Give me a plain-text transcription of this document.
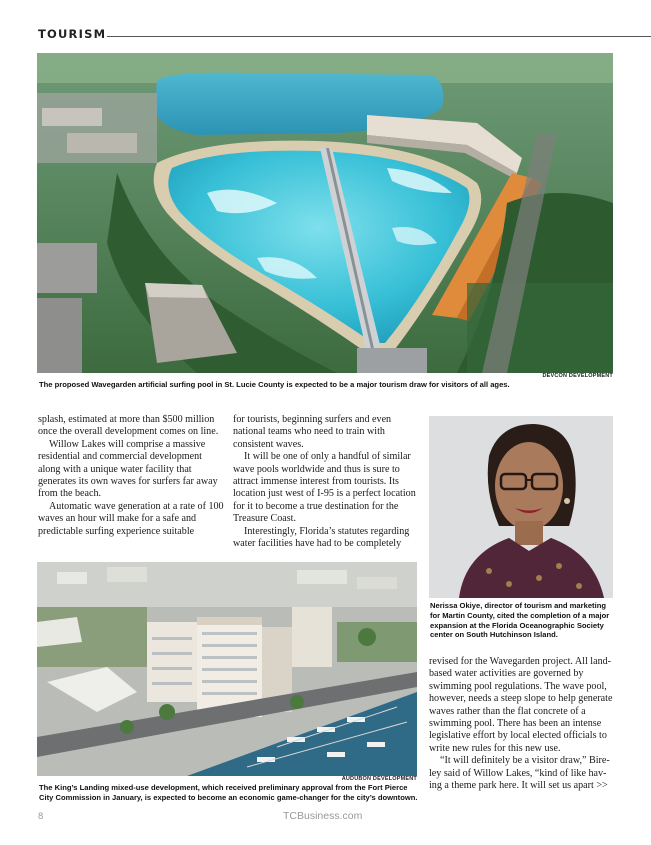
TOURISM
DEVCON DEVELOPMENT
The proposed Wavegarden artificial surfing pool in St. Lucie County is expected to be a major tourism draw for visitors of all ages.

splash, estimated at more than $500 million once the overall development comes on line.

Willow Lakes will comprise a massive residential and commercial development along with a unique water facility that generates its own waves for surfers far away from the beach.

Automatic wave generation at a rate of 100 waves an hour will make for a safe and predictable surfing experience suitable

for tourists, beginning surfers and even national teams who need to train with consistent waves.

It will be one of only a handful of similar wave pools worldwide and thus is sure to attract immense interest from tourists. Its location just west of I-95 is a perfect location for it to become a true destination for the Treasure Coast.

Interestingly, Florida’s statutes regarding water facilities have had to be completely

Nerissa Okiye, director of tourism and marketing for Martin County, cited the completion of a major expansion at the Florida Oceanographic Society center on South Hutchinson Island.
AUDUBON DEVELOPMENT
The King’s Landing mixed-use development, which received preliminary approval from the Fort Pierce City Commission in January, is expected to become an economic game-changer for the city’s downtown.

revised for the Wavegarden project. All land-based water activities are governed by swimming pool regulations. The wave pool, however, needs a steep slope to help generate waves rather than the flat concrete of a swimming pool. There has been an intense legislative effort by local elected officials to write new rules for this new use.

“It will definitely be a visitor draw,” Bireley said of Willow Lakes, “kind of like having a theme park here. It will set us apart >>

8	TCBusiness.com
